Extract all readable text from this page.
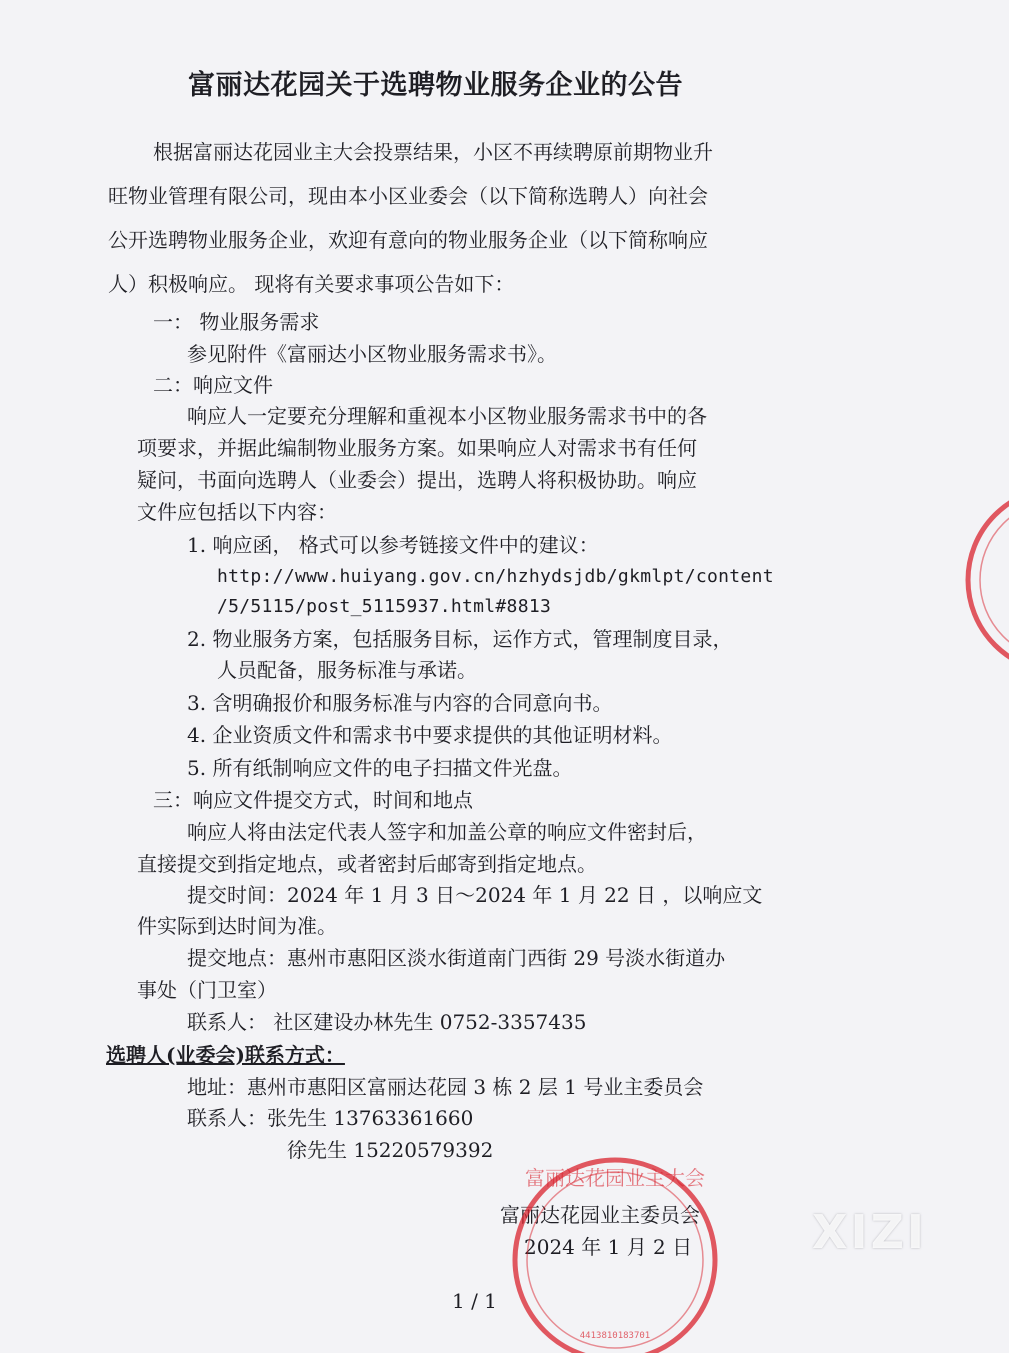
富丽达花园关于选聘物业服务企业的公告
根据富丽达花园业主大会投票结果，小区不再续聘原前期物业升
旺物业管理有限公司，现由本小区业委会（以下简称选聘人）向社会
公开选聘物业服务企业，欢迎有意向的物业服务企业（以下简称响应
人）积极响应。 现将有关要求事项公告如下：
一： 物业服务需求
参见附件《富丽达小区物业服务需求书》。
二：响应文件
响应人一定要充分理解和重视本小区物业服务需求书中的各
项要求，并据此编制物业服务方案。如果响应人对需求书有任何
疑问，书面向选聘人（业委会）提出，选聘人将积极协助。响应
文件应包括以下内容：
1. 响应函， 格式可以参考链接文件中的建议：
http://www.huiyang.gov.cn/hzhydsjdb/gkmlpt/content
/5/5115/post_5115937.html#8813
2. 物业服务方案，包括服务目标，运作方式，管理制度目录，
人员配备，服务标准与承诺。
3. 含明确报价和服务标准与内容的合同意向书。
4. 企业资质文件和需求书中要求提供的其他证明材料。
5. 所有纸制响应文件的电子扫描文件光盘。
三：响应文件提交方式，时间和地点
响应人将由法定代表人签字和加盖公章的响应文件密封后，
直接提交到指定地点，或者密封后邮寄到指定地点。
提交时间：2024 年 1 月 3 日～2024 年 1 月 22 日 ，以响应文
件实际到达时间为准。
提交地点：惠州市惠阳区淡水街道南门西街 29 号淡水街道办
事处（门卫室）
联系人： 社区建设办林先生 0752-3357435
选聘人(业委会)联系方式：
地址：惠州市惠阳区富丽达花园 3 栋 2 层 1 号业主委员会
联系人：张先生 13763361660
徐先生 15220579392
富丽达花园业主委员会
2024 年 1 月 2 日
1 / 1
富丽达花园业主大会
4413810183701
XIZI
